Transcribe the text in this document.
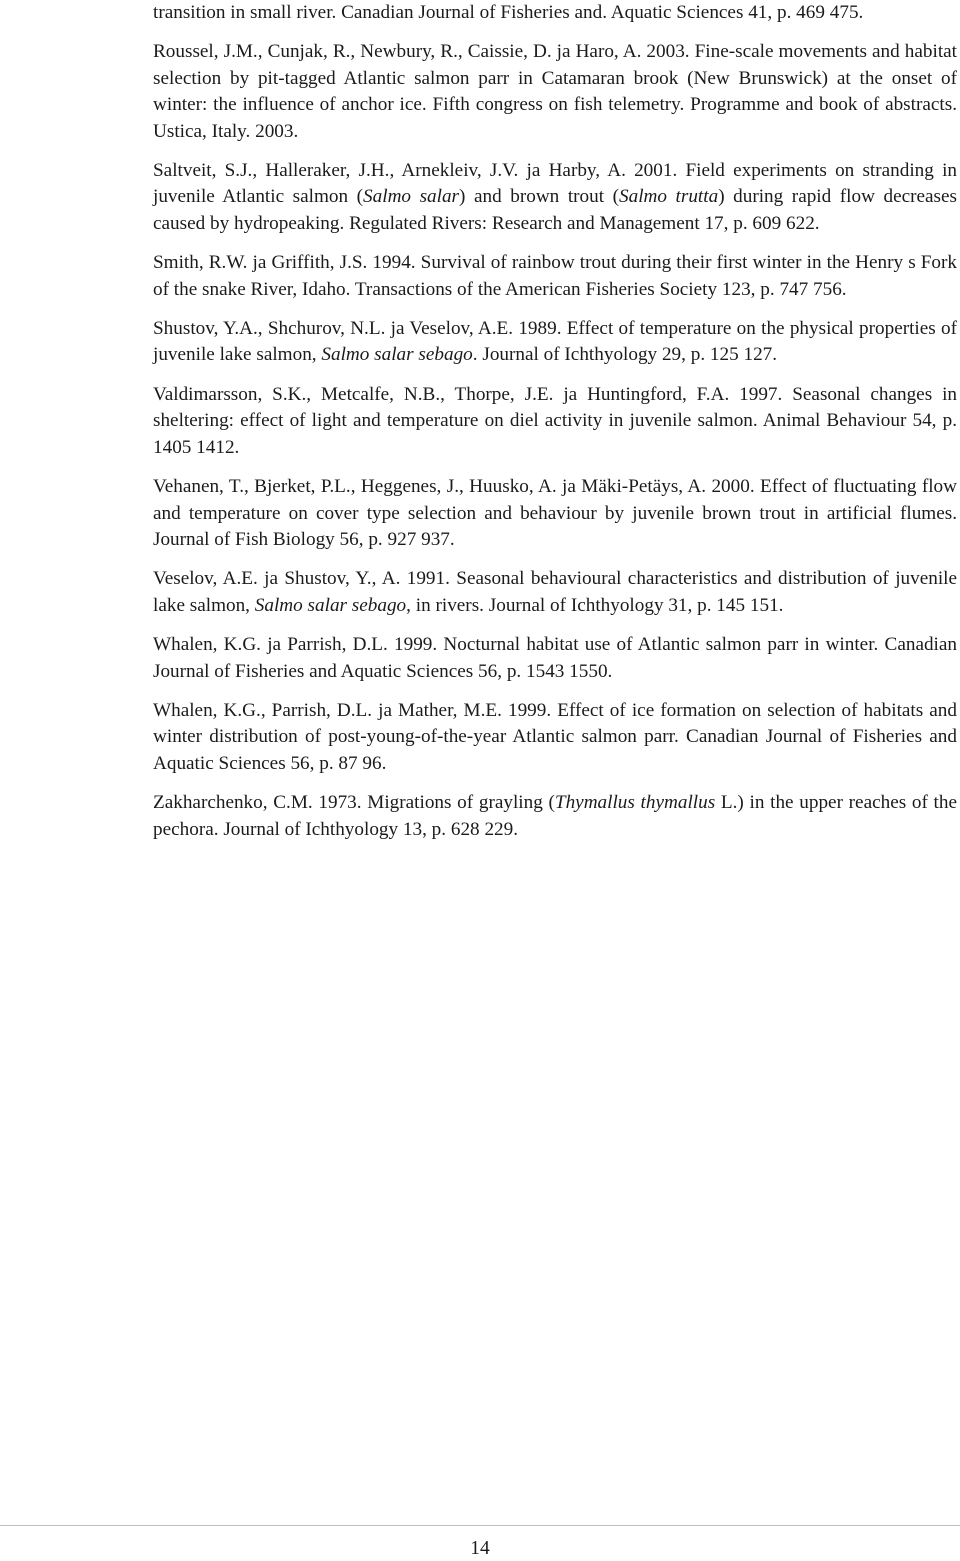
transition in small river. Canadian Journal of Fisheries and. Aquatic Sciences 41, p. 469 475.

Roussel, J.M., Cunjak, R., Newbury, R., Caissie, D. ja Haro, A. 2003. Fine-scale movements and habitat selection by pit-tagged Atlantic salmon parr in Catamaran brook (New Brunswick) at the onset of winter: the influence of anchor ice. Fifth congress on fish telemetry. Programme and book of abstracts. Ustica, Italy. 2003.

Saltveit, S.J., Halleraker, J.H., Arnekleiv, J.V. ja Harby, A. 2001. Field experiments on stranding in juvenile Atlantic salmon (Salmo salar) and brown trout (Salmo trutta) during rapid flow decreases caused by hydropeaking. Regulated Rivers: Research and Management 17, p. 609 622.

Smith, R.W. ja Griffith, J.S. 1994. Survival of rainbow trout during their first winter in the Henry s Fork of the snake River, Idaho. Transactions of the American Fisheries Society 123, p. 747 756.

Shustov, Y.A., Shchurov, N.L. ja Veselov, A.E. 1989. Effect of temperature on the physical properties of juvenile lake salmon, Salmo salar sebago. Journal of Ichthyology 29, p. 125 127.

Valdimarsson, S.K., Metcalfe, N.B., Thorpe, J.E. ja Huntingford, F.A. 1997. Seasonal changes in sheltering: effect of light and temperature on diel activity in juvenile salmon. Animal Behaviour 54, p. 1405 1412.

Vehanen, T., Bjerket, P.L., Heggenes, J., Huusko, A. ja Mäki-Petäys, A. 2000. Effect of fluctuating flow and temperature on cover type selection and behaviour by juvenile brown trout in artificial flumes. Journal of Fish Biology 56, p. 927 937.

Veselov, A.E. ja Shustov, Y., A. 1991. Seasonal behavioural characteristics and distribution of juvenile lake salmon, Salmo salar sebago, in rivers. Journal of Ichthyology 31, p. 145 151.

Whalen, K.G. ja Parrish, D.L. 1999. Nocturnal habitat use of Atlantic salmon parr in winter. Canadian Journal of Fisheries and Aquatic Sciences 56, p. 1543 1550.

Whalen, K.G., Parrish, D.L. ja Mather, M.E. 1999. Effect of ice formation on selection of habitats and winter distribution of post-young-of-the-year Atlantic salmon parr. Canadian Journal of Fisheries and Aquatic Sciences 56, p. 87 96.

Zakharchenko, C.M. 1973. Migrations of grayling (Thymallus thymallus L.) in the upper reaches of the pechora. Journal of Ichthyology 13, p. 628 229.

14
